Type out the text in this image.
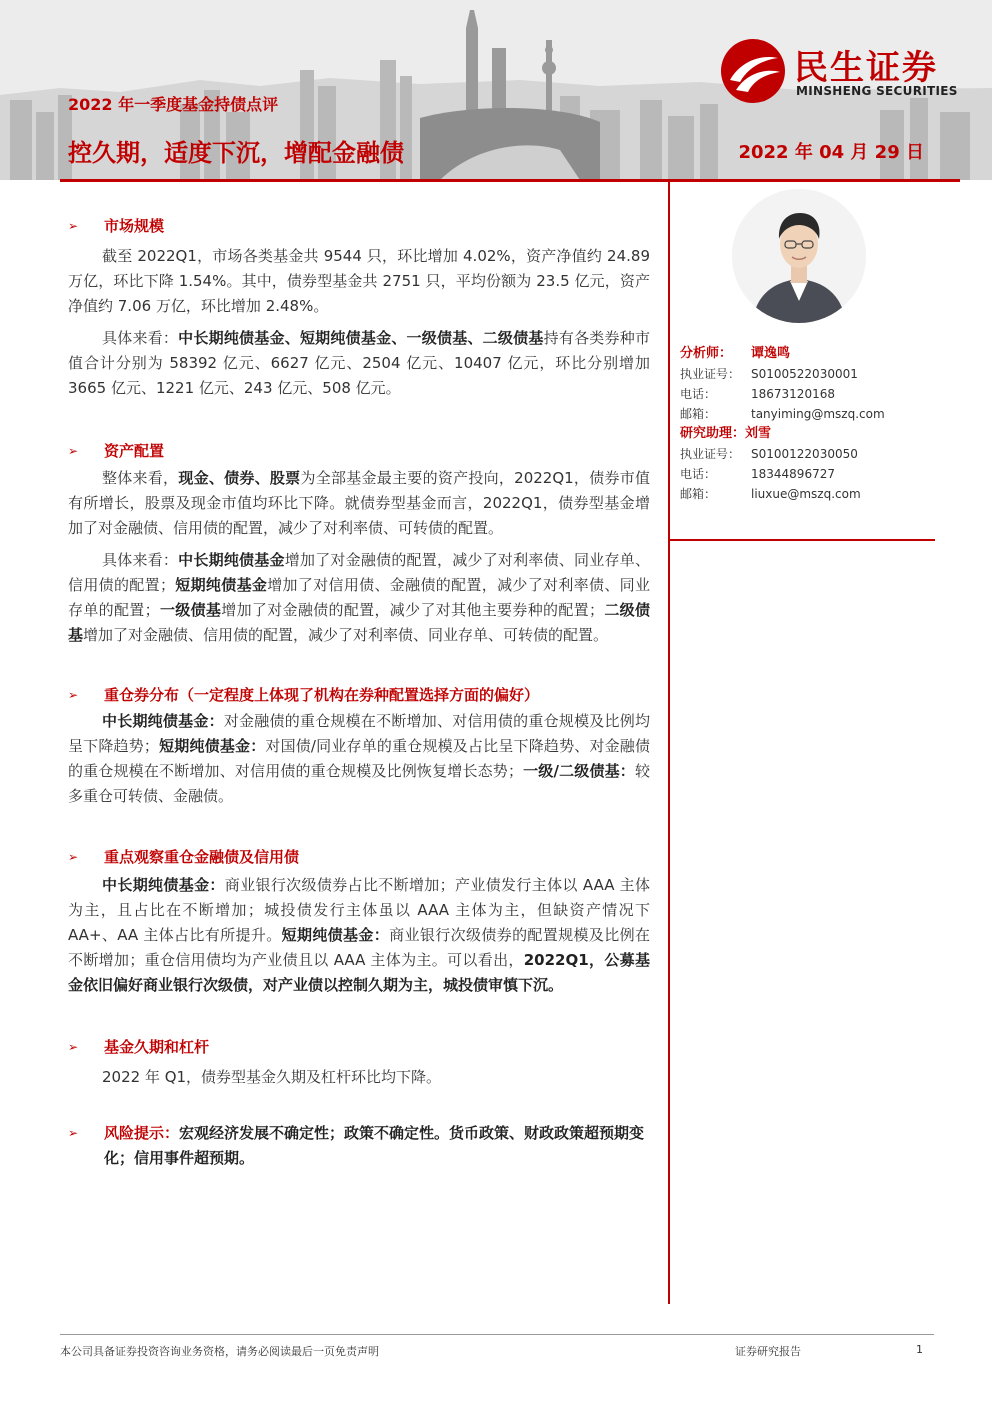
2022 年一季度基金持债点评
控久期，适度下沉，增配金融债	2022 年 04 月 29 日
民生证券
MINSHENG SECURITIES
➢ 市场规模

截至 2022Q1，市场各类基金共 9544 只，环比增加 4.02%，资产净值约 24.89 万亿，环比下降 1.54%。其中，债券型基金共 2751 只，平均份额为 23.5 亿元，资产净值约 7.06 万亿，环比增加 2.48%。

具体来看：中长期纯债基金、短期纯债基金、一级债基、二级债基持有各类券种市值合计分别为 58392 亿元、6627 亿元、2504 亿元、10407 亿元，环比分别增加 3665 亿元、1221 亿元、243 亿元、508 亿元。

➢ 资产配置

整体来看，现金、债券、股票为全部基金最主要的资产投向，2022Q1，债券市值有所增长，股票及现金市值均环比下降。就债券型基金而言，2022Q1，债券型基金增加了对金融债、信用债的配置，减少了对利率债、可转债的配置。

具体来看：中长期纯债基金增加了对金融债的配置，减少了对利率债、同业存单、信用债的配置；短期纯债基金增加了对信用债、金融债的配置，减少了对利率债、同业存单的配置；一级债基增加了对金融债的配置，减少了对其他主要券种的配置；二级债基增加了对金融债、信用债的配置，减少了对利率债、同业存单、可转债的配置。

➢ 重仓券分布（一定程度上体现了机构在券种配置选择方面的偏好）

中长期纯债基金：对金融债的重仓规模在不断增加、对信用债的重仓规模及比例均呈下降趋势；短期纯债基金：对国债/同业存单的重仓规模及占比呈下降趋势、对金融债的重仓规模在不断增加、对信用债的重仓规模及比例恢复增长态势；一级/二级债基：较多重仓可转债、金融债。

➢ 重点观察重仓金融债及信用债

中长期纯债基金：商业银行次级债券占比不断增加；产业债发行主体以 AAA 主体为主，且占比在不断增加；城投债发行主体虽以 AAA 主体为主，但缺资产情况下 AA+、AA 主体占比有所提升。短期纯债基金：商业银行次级债券的配置规模及比例在不断增加；重仓信用债均为产业债且以 AAA 主体为主。可以看出，2022Q1，公募基金依旧偏好商业银行次级债，对产业债以控制久期为主，城投债审慎下沉。

➢ 基金久期和杠杆

2022 年 Q1，债券型基金久期及杠杆环比均下降。

➢ 风险提示：宏观经济发展不确定性；政策不确定性。货币政策、财政政策超预期变化；信用事件超预期。

分析师： 谭逸鸣
执业证号： S0100522030001
电话：	18673120168
邮箱：	tanyiming@mszq.com
研究助理：刘雪
执业证号： S0100122030050
电话：	18344896727
邮箱：	liuxue@mszq.com
本公司具备证券投资咨询业务资格，请务必阅读最后一页免责声明	证券研究报告	1
